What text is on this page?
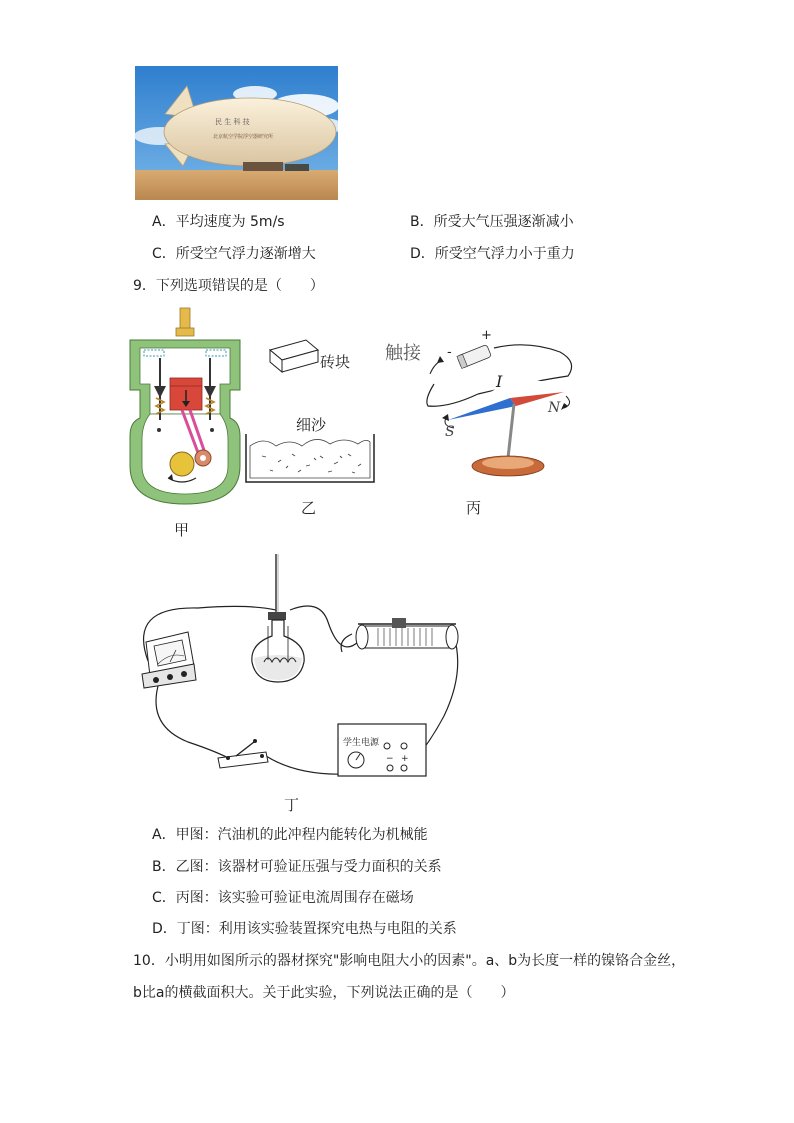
民 生 科 技
北京航空学院浮空器研究所
A．平均速度为 5m/s	B．所受大气压强逐渐减小
C．所受空气浮力逐渐增大	D．所受空气浮力小于重力
9．下列选项错误的是（　　）
甲
砖块
细沙
乙
触接
+
-
I
S
N
丙
学生电源
− +
丁
A．甲图：汽油机的此冲程内能转化为机械能
B．乙图：该器材可验证压强与受力面积的关系
C．丙图：该实验可验证电流周围存在磁场
D．丁图：利用该实验装置探究电热与电阻的关系
10．小明用如图所示的器材探究"影响电阻大小的因素"。a、b为长度一样的镍铬合金丝，
b比a的横截面积大。关于此实验，下列说法正确的是（　　）
